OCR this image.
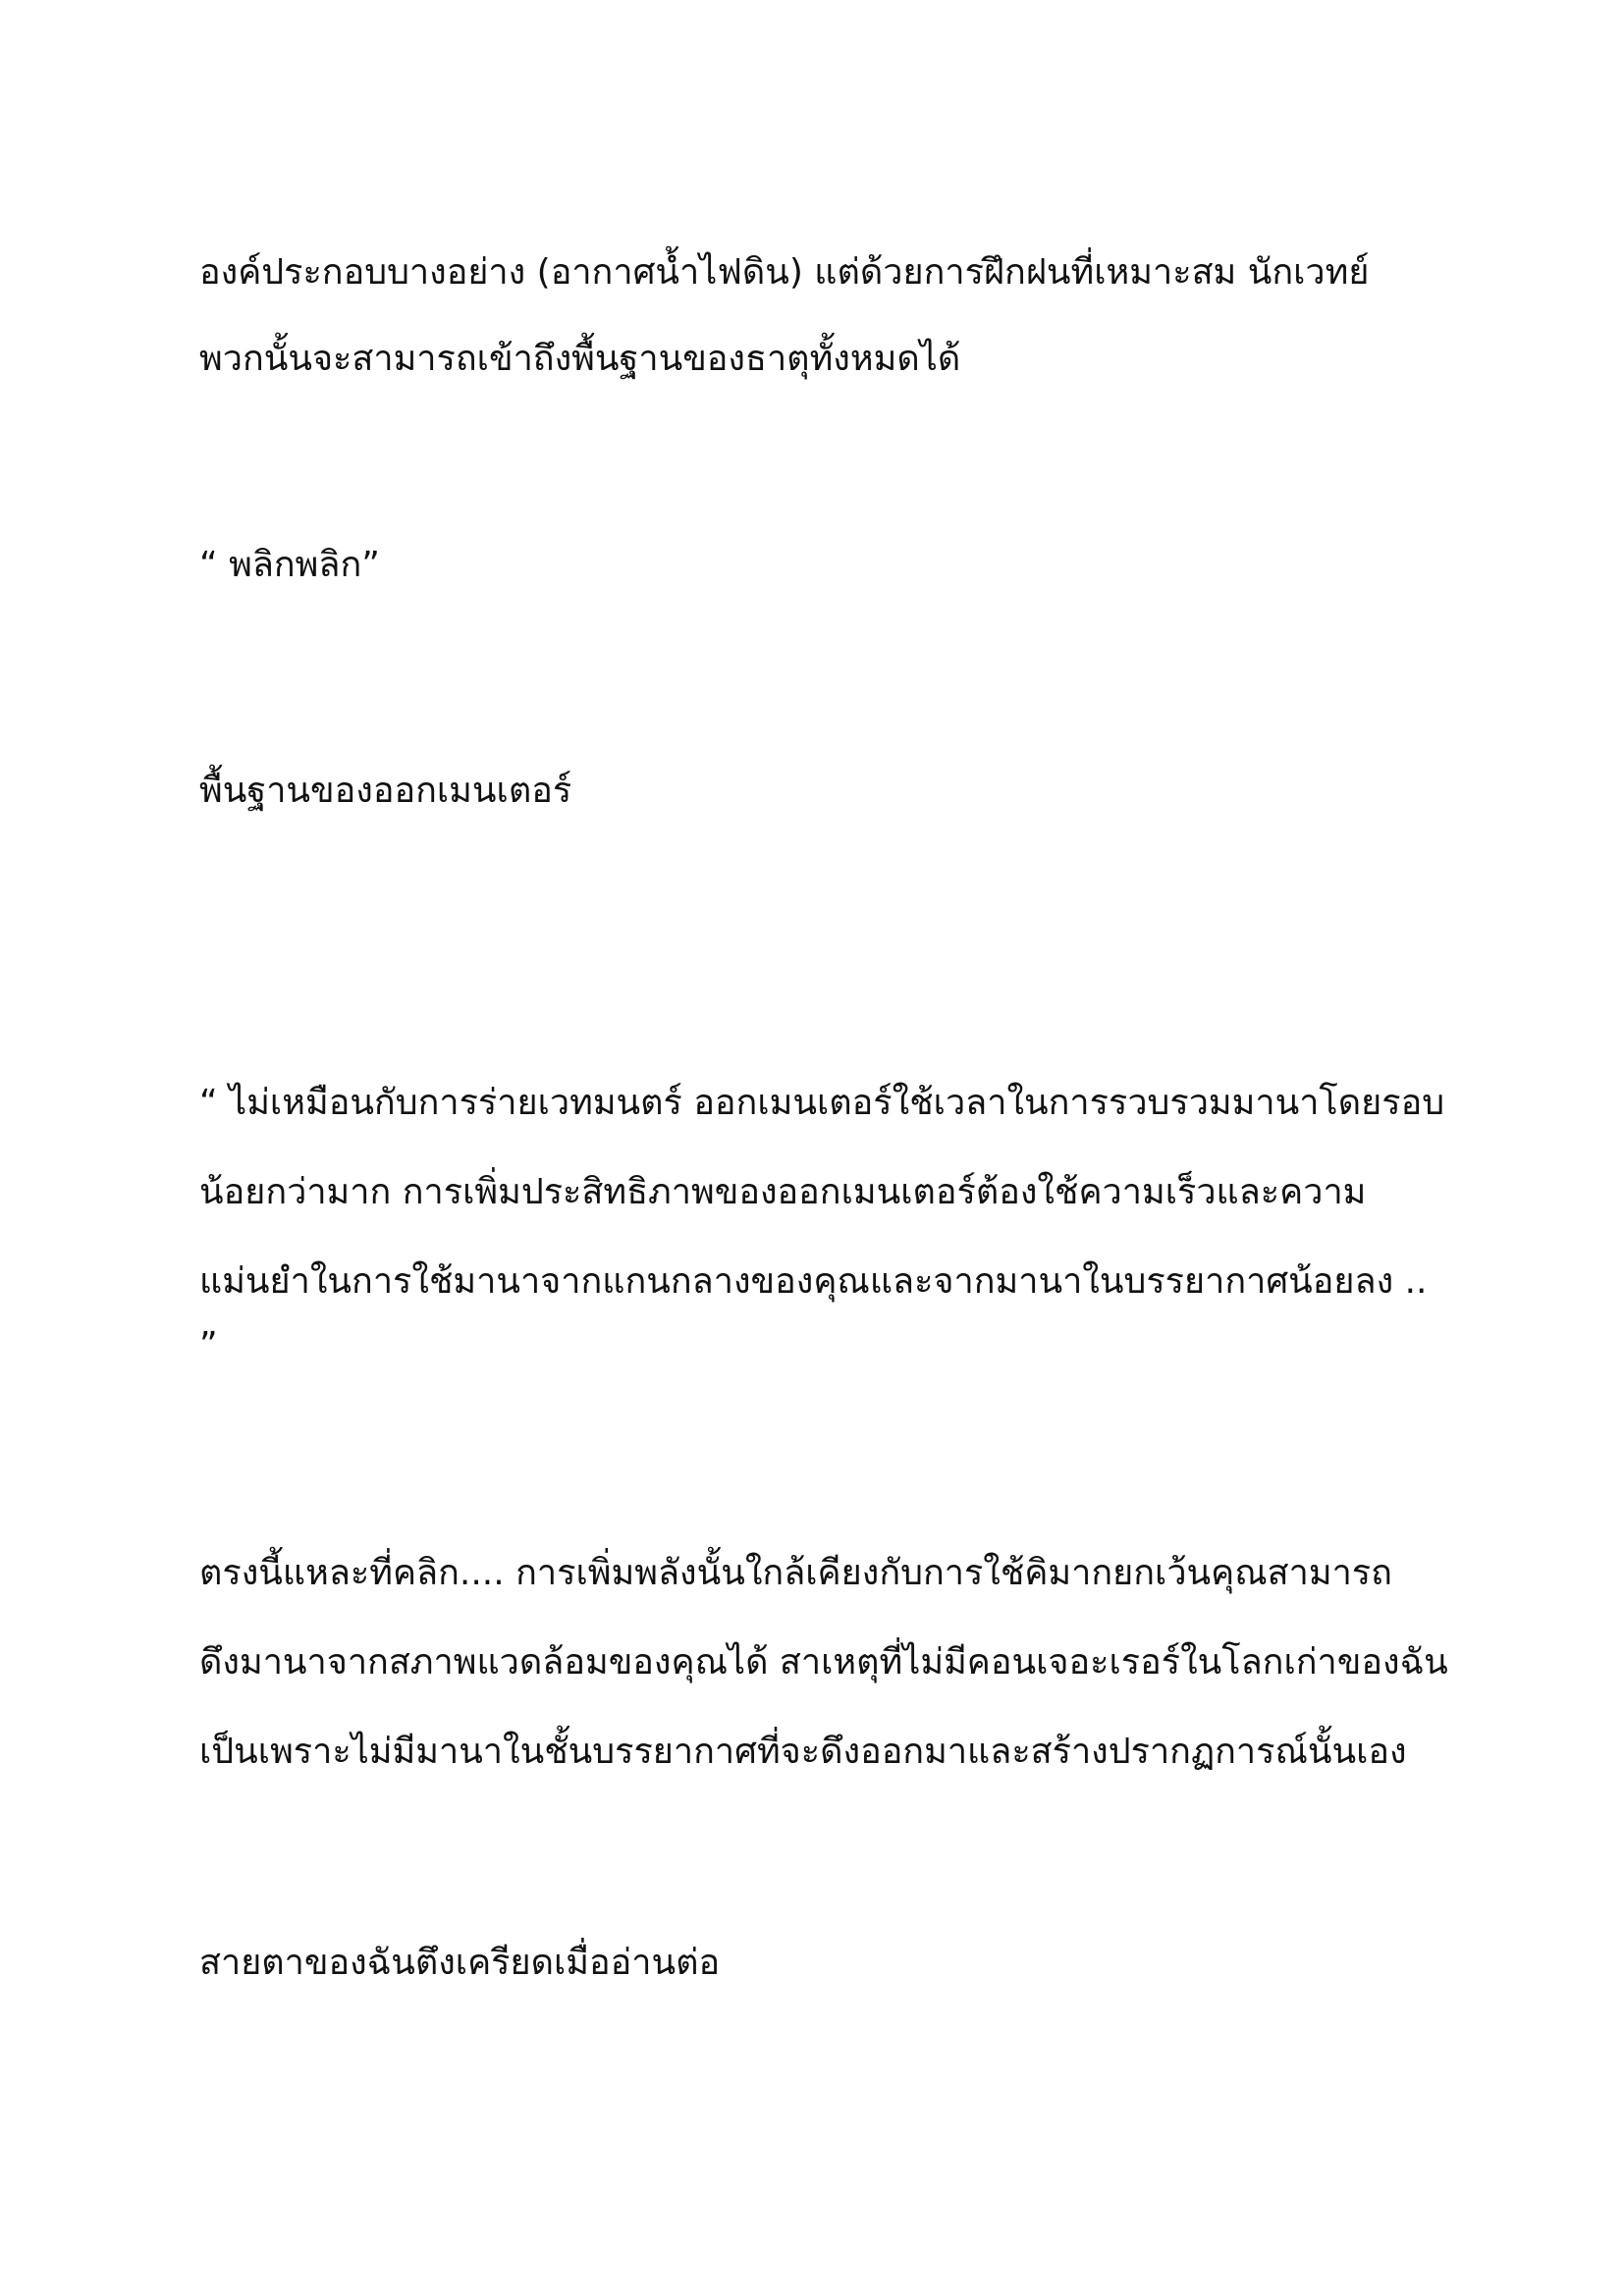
องค์ประกอบบางอย่าง (อากาศน้ำไฟดิน) แต่ด้วยการฝึกฝนที่เหมาะสม นักเวทย์

พวกนั้นจะสามารถเข้าถึงพื้นฐานของธาตุทั้งหมดได้

“ พลิกพลิก”

พื้นฐานของออกเมนเตอร์

“ ไม่เหมือนกับการร่ายเวทมนตร์ ออกเมนเตอร์ใช้เวลาในการรวบรวมมานาโดยรอบ

น้อยกว่ามาก การเพิ่มประสิทธิภาพของออกเมนเตอร์ต้องใช้ความเร็วและความ

แม่นยำในการใช้มานาจากแกนกลางของคุณและจากมานาในบรรยากาศน้อยลง ..

”

ตรงนี้แหละที่คลิก.... การเพิ่มพลังนั้นใกล้เคียงกับการใช้คิมากยกเว้นคุณสามารถ

ดึงมานาจากสภาพแวดล้อมของคุณได้ สาเหตุที่ไม่มีคอนเจอะเรอร์ในโลกเก่าของฉัน

เป็นเพราะไม่มีมานาในชั้นบรรยากาศที่จะดึงออกมาและสร้างปรากฏการณ์นั้นเอง

สายตาของฉันตึงเครียดเมื่ออ่านต่อ
